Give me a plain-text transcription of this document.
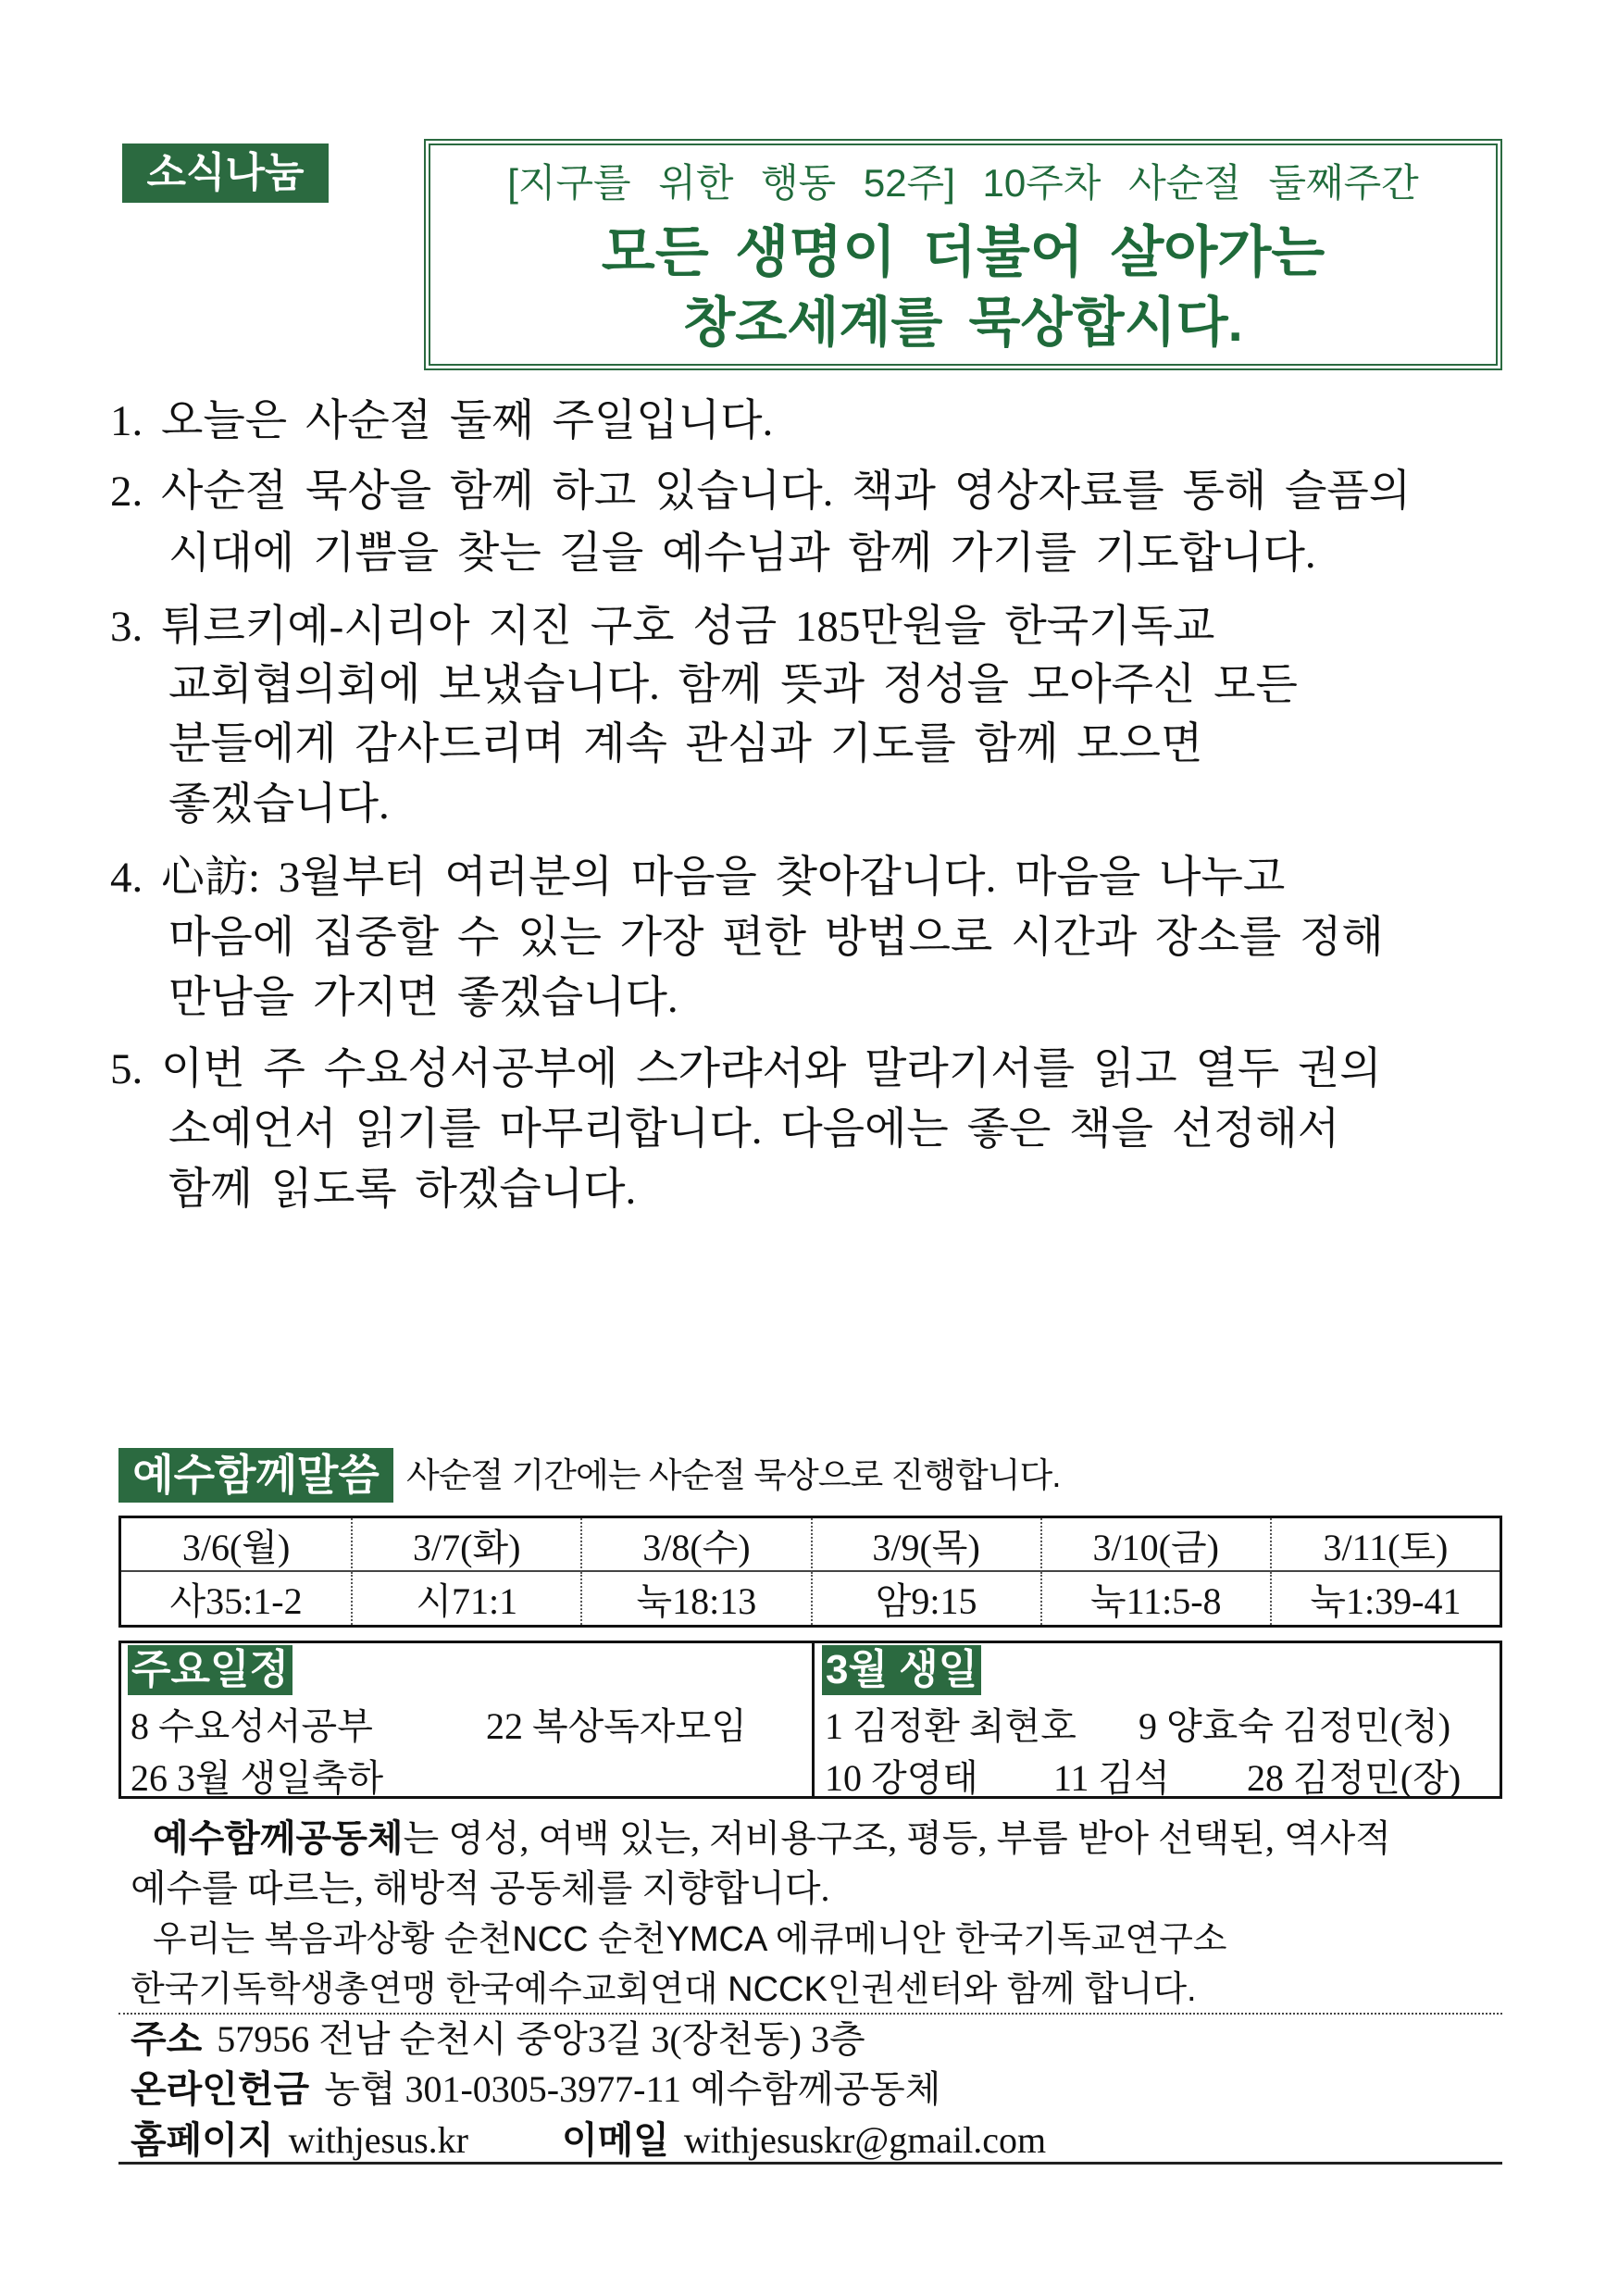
소식나눔	[지구를 위한 행동 52주] 10주차 사순절 둘째주간
모든 생명이 더불어 살아가는
창조세계를 묵상합시다.
1. 오늘은 사순절 둘째 주일입니다.
2. 사순절 묵상을 함께 하고 있습니다. 책과 영상자료를 통해 슬픔의
시대에 기쁨을 찾는 길을 예수님과 함께 가기를 기도합니다.
3. 튀르키예-시리아 지진 구호 성금 185만원을 한국기독교
교회협의회에 보냈습니다. 함께 뜻과 정성을 모아주신 모든
분들에게 감사드리며 계속 관심과 기도를 함께 모으면
좋겠습니다.
4. 心訪: 3월부터 여러분의 마음을 찾아갑니다. 마음을 나누고
마음에 집중할 수 있는 가장 편한 방법으로 시간과 장소를 정해
만남을 가지면 좋겠습니다.
5. 이번 주 수요성서공부에 스가랴서와 말라기서를 읽고 열두 권의
소예언서 읽기를 마무리합니다. 다음에는 좋은 책을 선정해서
함께 읽도록 하겠습니다.
예수함께말씀 사순절 기간에는 사순절 묵상으로 진행합니다.
3/6(월)	3/7(화)	3/8(수)	3/9(목)	3/10(금)	3/11(토)
사35:1-2	시71:1	눅18:13	암9:15	눅11:5-8	눅1:39-41
주요일정
8 수요성서공부	22 복상독자모임
26 3월 생일축하
3월 생일
1 김정환 최현호 9 양효숙 김정민(청)
10 강영태 11 김석 28 김정민(장)
예수함께공동체는 영성, 여백 있는, 저비용구조, 평등, 부름 받아 선택된, 역사적
예수를 따르는, 해방적 공동체를 지향합니다.
우리는 복음과상황 순천NCC 순천YMCA 에큐메니안 한국기독교연구소
한국기독학생총연맹 한국예수교회연대 NCCK인권센터와 함께 합니다.
주소 57956 전남 순천시 중앙3길 3(장천동) 3층
온라인헌금 농협 301-0305-3977-11 예수함께공동체
홈페이지 withjesus.kr	이메일 withjesuskr@gmail.com
